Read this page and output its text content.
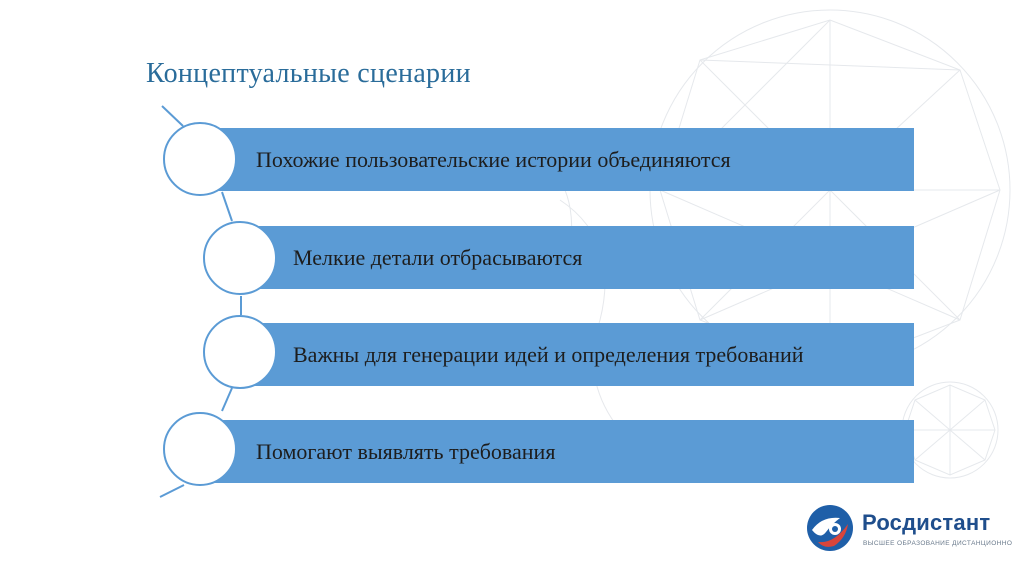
Концептуальные сценарии
Похожие пользовательские истории объединяются
Мелкие детали отбрасываются
Важны для генерации идей и определения требований
Помогают выявлять требования
Росдистант
ВЫСШЕЕ ОБРАЗОВАНИЕ ДИСТАНЦИОННО
